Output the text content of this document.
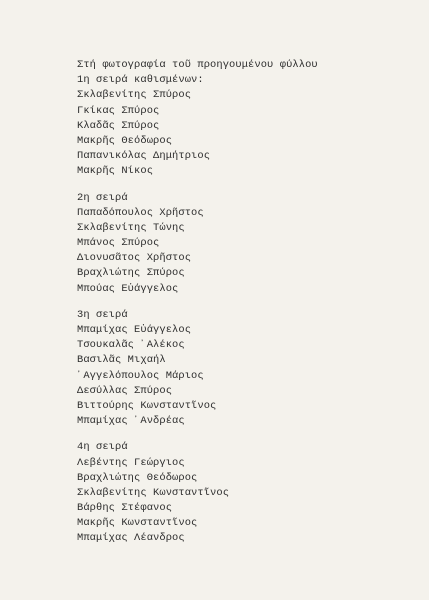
Στή φωτογραφία τοῦ προηγουμένου φύλλου
1η σειρά καθισμένων:
Σκλαβενίτης Σπύρος
Γκίκας Σπύρος
Κλαδᾶς Σπύρος
Μακρῆς Θεόδωρος
Παπανικόλας Δημήτριος
Μακρῆς Νίκος
2η σειρά
Παπαδόπουλος Χρῆστος
Σκλαβενίτης Τώνης
Μπάνος Σπύρος
Διονυσᾶτος Χρῆστος
Βραχλιώτης Σπύρος
Μπούας Εὐάγγελος
3η σειρά
Μπαμίχας Εὐάγγελος
Τσουκαλᾶς ᾽Αλέκος
Βασιλᾶς Μιχαήλ
᾽Αγγελόπουλος Μάριος
Δεσύλλας Σπύρος
Βιττούρης Κωνσταντῖνος
Μπαμίχας ᾽Ανδρέας
4η σειρά
Λεβέντης Γεώργιος
Βραχλιώτης Θεόδωρος
Σκλαβενίτης Κωνσταντῖνος
Βάρθης Στέφανος
Μακρῆς Κωνσταντῖνος
Μπαμίχας Λέανδρος
